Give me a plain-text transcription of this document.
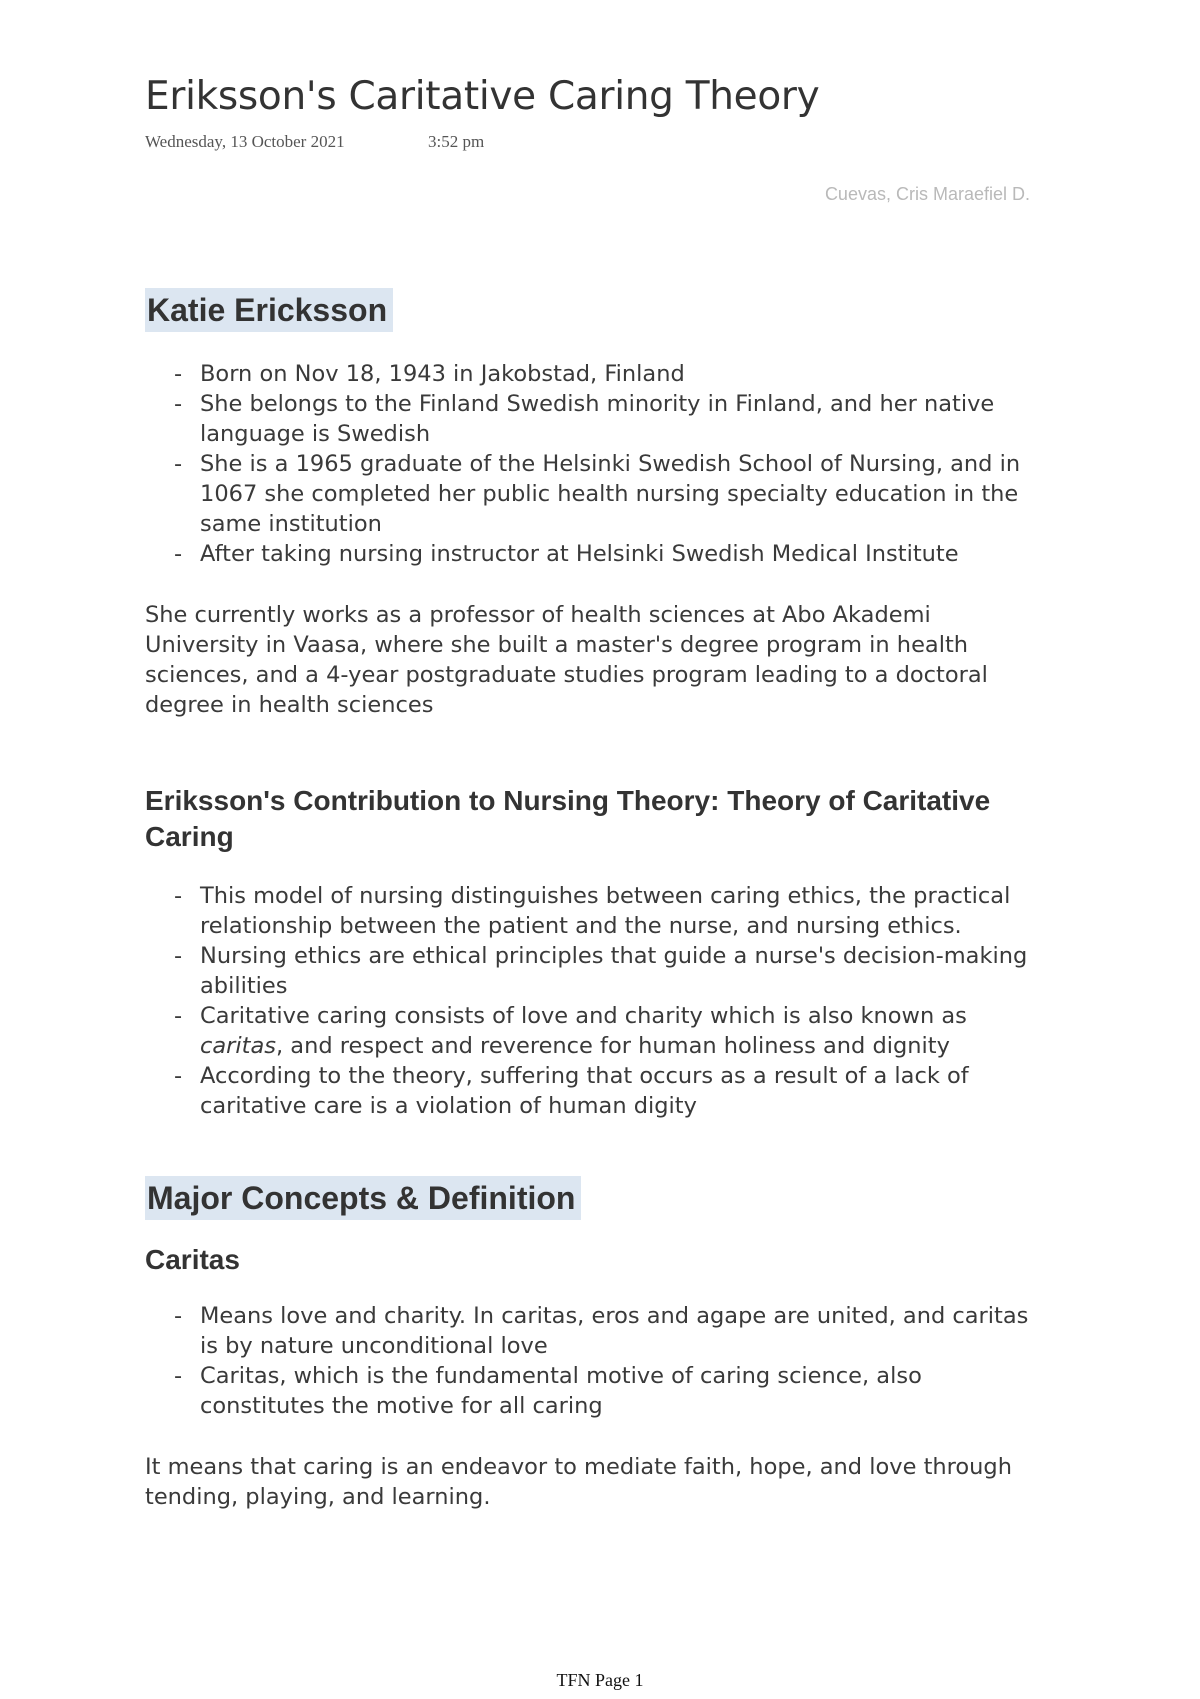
Eriksson's Caritative Caring Theory
Wednesday, 13 October 2021	3:52 pm
Cuevas, Cris Maraefiel D.
Katie Ericksson
- Born on Nov 18, 1943 in Jakobstad, Finland
- She belongs to the Finland Swedish minority in Finland, and her native language is Swedish
- She is a 1965 graduate of the Helsinki Swedish School of Nursing, and in 1067 she completed her public health nursing specialty education in the same institution
- After taking nursing instructor at Helsinki Swedish Medical Institute

She currently works as a professor of health sciences at Abo Akademi University in Vaasa, where she built a master's degree program in health sciences, and a 4-year postgraduate studies program leading to a doctoral degree in health sciences

Eriksson's Contribution to Nursing Theory: Theory of Caritative Caring
- This model of nursing distinguishes between caring ethics, the practical relationship between the patient and the nurse, and nursing ethics.
- Nursing ethics are ethical principles that guide a nurse's decision-making abilities
- Caritative caring consists of love and charity which is also known as caritas, and respect and reverence for human holiness and dignity
- According to the theory, suffering that occurs as a result of a lack of caritative care is a violation of human digity
Major Concepts & Definition
Caritas
- Means love and charity. In caritas, eros and agape are united, and caritas is by nature unconditional love
- Caritas, which is the fundamental motive of caring science, also constitutes the motive for all caring

It means that caring is an endeavor to mediate faith, hope, and love through tending, playing, and learning.

TFN Page 1
